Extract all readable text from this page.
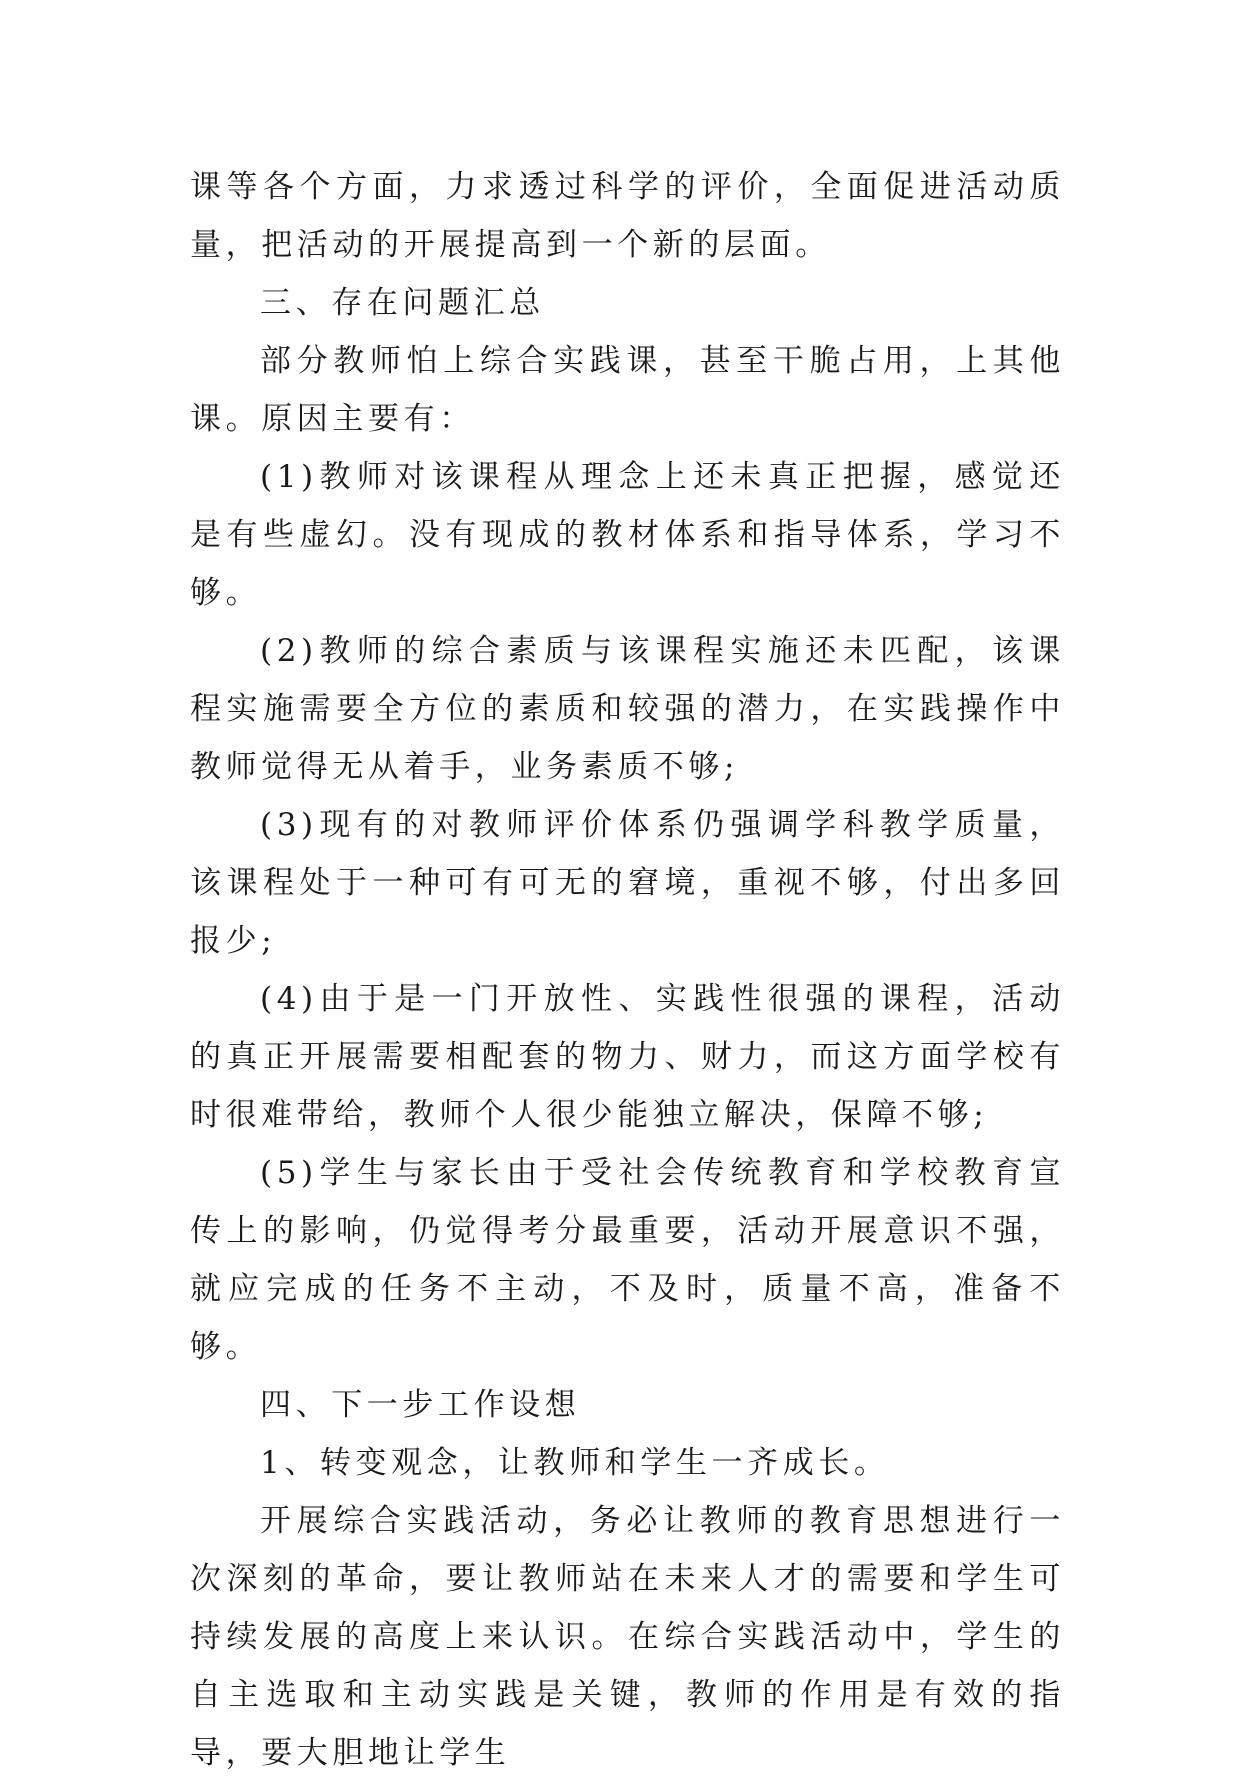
课等各个方面，力求透过科学的评价，全面促进活动质量，把活动的开展提高到一个新的层面。

三、存在问题汇总

部分教师怕上综合实践课，甚至干脆占用，上其他课。原因主要有：

(1)教师对该课程从理念上还未真正把握，感觉还是有些虚幻。没有现成的教材体系和指导体系，学习不够。

(2)教师的综合素质与该课程实施还未匹配，该课程实施需要全方位的素质和较强的潜力，在实践操作中教师觉得无从着手，业务素质不够;

(3)现有的对教师评价体系仍强调学科教学质量，该课程处于一种可有可无的窘境，重视不够，付出多回报少;

(4)由于是一门开放性、实践性很强的课程，活动的真正开展需要相配套的物力、财力，而这方面学校有时很难带给，教师个人很少能独立解决，保障不够;

(5)学生与家长由于受社会传统教育和学校教育宣传上的影响，仍觉得考分最重要，活动开展意识不强，就应完成的任务不主动，不及时，质量不高，准备不够。

四、下一步工作设想

1、转变观念，让教师和学生一齐成长。

开展综合实践活动，务必让教师的教育思想进行一次深刻的革命，要让教师站在未来人才的需要和学生可持续发展的高度上来认识。在综合实践活动中，学生的自主选取和主动实践是关键，教师的作用是有效的指导，要大胆地让学生
